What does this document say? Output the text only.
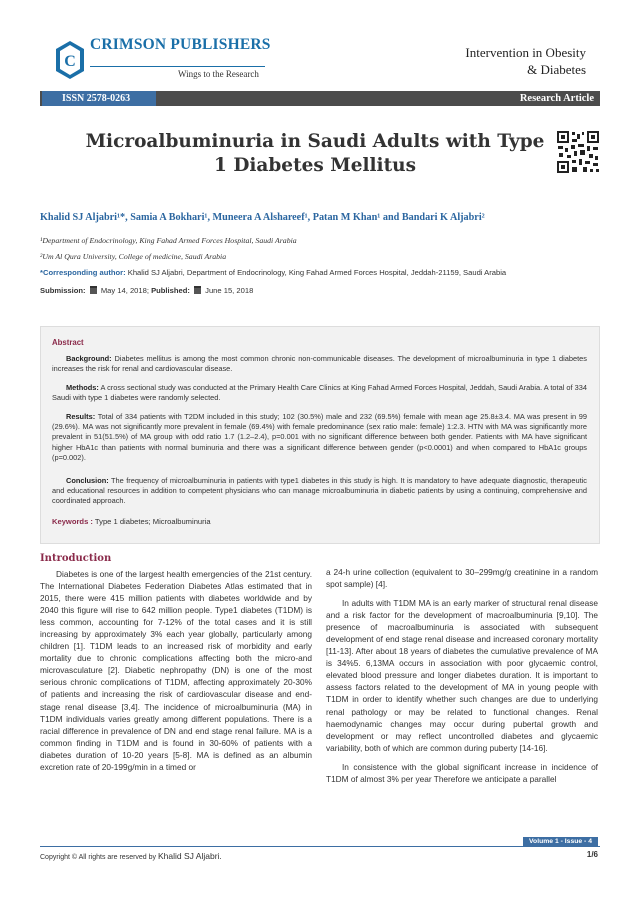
C
CRIMSON PUBLISHERS
Wings to the Research
Intervention in Obesity
& Diabetes
ISSN 2578-0263	Research Article
Microalbuminuria in Saudi Adults with Type 1 Diabetes Mellitus
Khalid SJ Aljabri¹*, Samia A Bokhari¹, Muneera A Alshareef¹, Patan M Khan¹ and Bandari K Aljabri²
¹Department of Endocrinology, King Fahad Armed Forces Hospital, Saudi Arabia
²Um Al Qura University, College of medicine, Saudi Arabia
*Corresponding author: Khalid SJ Aljabri, Department of Endocrinology, King Fahad Armed Forces Hospital, Jeddah-21159, Saudi Arabia
Submission: May 14, 2018; Published: June 15, 2018
Abstract
Background: Diabetes mellitus is among the most common chronic non-communicable diseases. The development of microalbuminuria in type 1 diabetes increases the risk for renal and cardiovascular disease.
Methods: A cross sectional study was conducted at the Primary Health Care Clinics at King Fahad Armed Forces Hospital, Jeddah, Saudi Arabia. A total of 334 Saudi with type 1 diabetes were randomly selected.
Results: Total of 334 patients with T2DM included in this study; 102 (30.5%) male and 232 (69.5%) female with mean age 25.8±3.4. MA was present in 99 (29.6%). MA was not significantly more prevalent in female (69.4%) with female predominance (sex ratio male: female) 1:2.3. HTN with MA was significantly more prevalent in 51(51.5%) of MA group with odd ratio 1.7 (1.2–2.4), p=0.001 with no significant difference between both gender. Patients with MA have significant higher HbA1c than patients with normal buminuria and there was a significant difference between gender (p<0.0001) and when compared to HbA1c groups (p=0.002).
Conclusion: The frequency of microalbuminuria in patients with type1 diabetes in this study is high. It is mandatory to have adequate diagnostic, therapeutic and educational resources in addition to competent physicians who can manage microalbuminuria in diabetic patients by using a continuing, comprehensive and coordinated approach.
Keywords : Type 1 diabetes; Microalbuminuria
Introduction

Diabetes is one of the largest health emergencies of the 21st century. The International Diabetes Federation Diabetes Atlas estimated that in 2015, there were 415 million patients with diabetes worldwide and by 2040 this figure will rise to 642 million people. Type1 diabetes (T1DM) is less common, accounting for 7-12% of the total cases and it is still increasing by approximately 3% each year globally, particularly among children [1]. T1DM leads to an increased risk of morbidity and early mortality due to chronic complications affecting both the micro-and microvasculature [2]. Diabetic nephropathy (DN) is one of the most serious chronic complications of T1DM, affecting approximately 20-30% of patients and increasing the risk of cardiovascular disease and end-stage renal disease [3,4]. The incidence of microalbuminuria (MA) in T1DM individuals varies greatly among different populations. There is a racial difference in prevalence of DN and end stage renal failure. MA is a common finding in T1DM and is found in 30-60% of patients with a diabetes duration of 10-20 years [5-8]. MA is defined as an albumin excretion rate of 20-199g/min in a timed or

a 24-h urine collection (equivalent to 30–299mg/g creatinine in a random spot sample) [4].

In adults with T1DM MA is an early marker of structural renal disease and a risk factor for the development of macroalbuminuria [9,10]. The presence of macroalbuminuria is associated with subsequent development of end stage renal disease and increased coronary mortality [11-13]. After about 18 years of diabetes the cumulative prevalence of MA is 34%5. 6,13MA occurs in association with poor glycaemic control, elevated blood pressure and longer diabetes duration. It is important to assess factors related to the development of MA in young people with T1DM in order to identify whether such changes are due to underlying renal pathology or may be related to functional changes. Renal haemodynamic changes may occur during pubertal growth and development or may reflect uncontrolled diabetes and glycaemic variability, both of which are common during puberty [14-16].

In consistence with the global significant increase in incidence of T1DM of almost 3% per year Therefore we anticipate a parallel

Volume 1 - Issue - 4
Copyright © All rights are reserved by Khalid SJ Aljabri.	1/6
